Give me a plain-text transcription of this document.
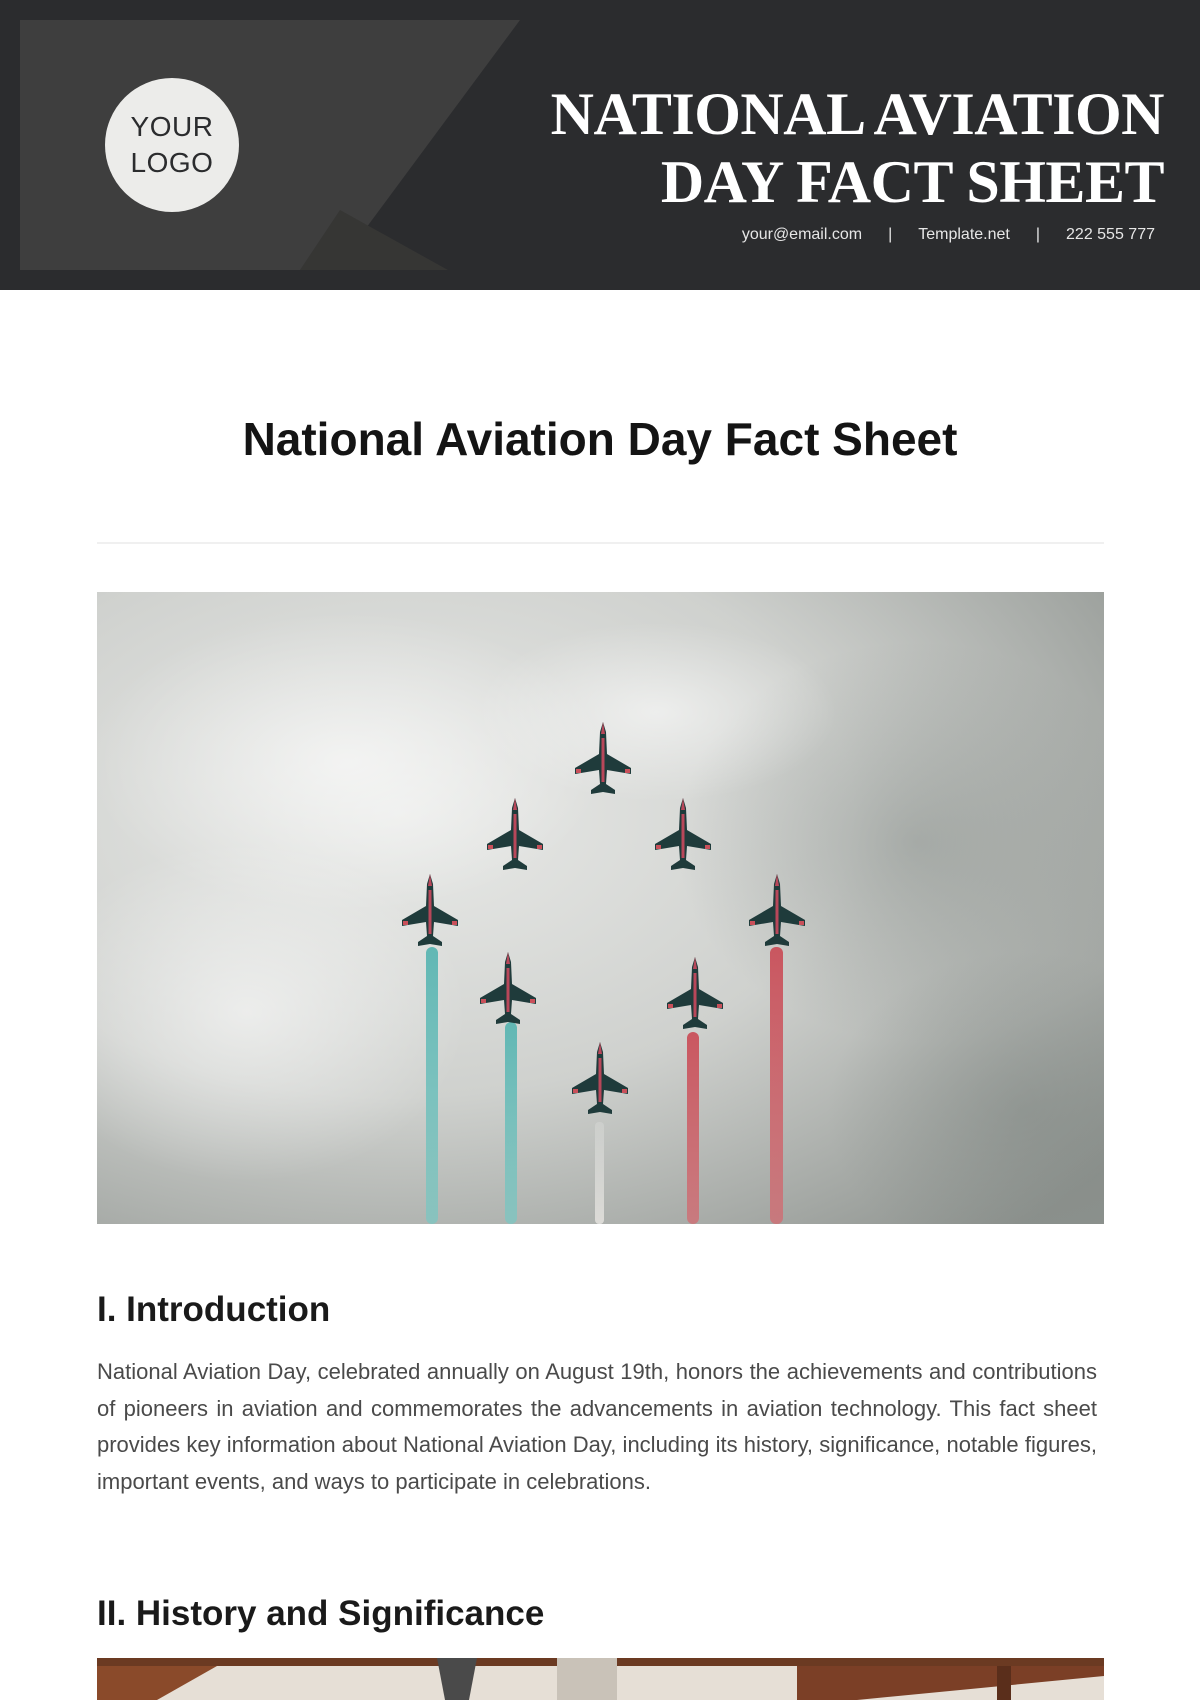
YOUR
LOGO
NATIONAL AVIATION DAY FACT SHEET
your@email.com | Template.net | 222 555 777
National Aviation Day Fact Sheet
I. Introduction

National Aviation Day, celebrated annually on August 19th, honors the achievements and contributions of pioneers in aviation and commemorates the advancements in aviation technology. This fact sheet provides key information about National Aviation Day, including its history, significance, notable figures, important events, and ways to participate in celebrations.

II. History and Significance
